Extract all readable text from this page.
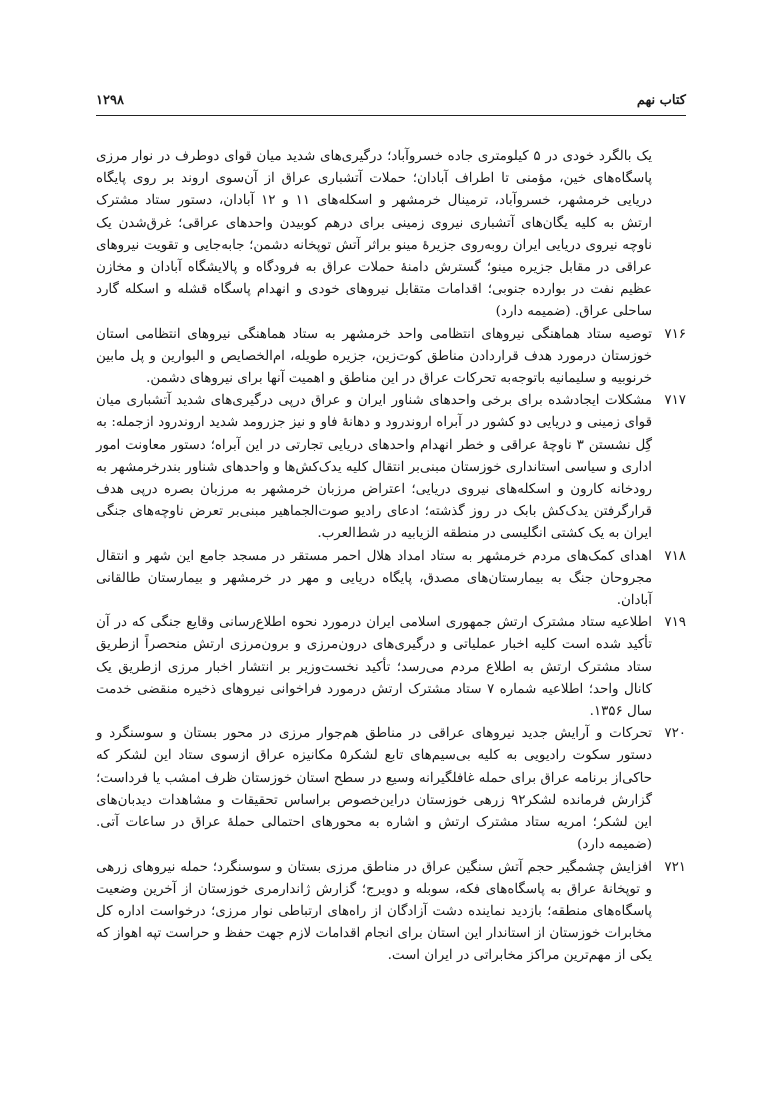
۱۲۹۸	کتاب نهم

یک بالگرد خودی در ۵ کیلومتری جاده خسروآباد؛ درگیری‌های شدید میان قوای دوطرف در نوار مرزی پاسگاه‌های خین، مؤمنی تا اطراف آبادان؛ حملات آتشباری عراق از آن‌سوی اروند بر روی پایگاه دریایی خرمشهر، خسروآباد، ترمینال خرمشهر و اسکله‌های ۱۱ و ۱۲ آبادان، دستور ستاد مشترک ارتش به کلیه یگان‌های آتشباری نیروی زمینی برای درهم کوبیدن واحدهای عراقی؛ غرق‌شدن یک ناوچه نیروی دریایی ایران روبه‌روی جزیرهٔ مینو براثر آتش توپخانه دشمن؛ جابه‌جایی و تقویت نیروهای عراقی در مقابل جزیره مینو؛ گسترش دامنهٔ حملات عراق به فرودگاه و پالایشگاه آبادان و مخازن عظیم نفت در بوارده جنوبی؛ اقدامات متقابل نیروهای خودی و انهدام پاسگاه قشله و اسکله گارد ساحلی عراق. (ضمیمه دارد)

۷۱۶
توصیه ستاد هماهنگی نیروهای انتظامی واحد خرمشهر به ستاد هماهنگی نیروهای انتظامی استان خوزستان درمورد هدف قراردادن مناطق کوت‌زین، جزیره طویله، ام‌الخصایص و البوارین و پل مابین خرنوبیه و سلیمانیه باتوجه‌به تحرکات عراق در این مناطق و اهمیت آنها برای نیروهای دشمن.
۷۱۷
مشکلات ایجادشده برای برخی واحدهای شناور ایران و عراق درپی درگیری‌های شدید آتشباری میان قوای زمینی و دریایی دو کشور در آبراه اروندرود و دهانهٔ فاو و نیز جزرومد شدید اروندرود ازجمله: به گِل نشستن ۳ ناوچهٔ عراقی و خطر انهدام واحدهای دریایی تجارتی در این آبراه؛ دستور معاونت امور اداری و سیاسی استانداری خوزستان مبنی‌بر انتقال کلیه یدک‌کش‌ها و واحدهای شناور بندرخرمشهر به رودخانه کارون و اسکله‌های نیروی دریایی؛ اعتراض مرزبان خرمشهر به مرزبان بصره درپی هدف قرارگرفتن یدک‌کش بابک در روز گذشته؛ ادعای رادیو صوت‌الجماهیر مبنی‌بر تعرض ناوچه‌های جنگی ایران به یک کشتی انگلیسی در منطقه الزیابیه در شط‌العرب.
۷۱۸
اهدای کمک‌های مردم خرمشهر به ستاد امداد هلال احمر مستقر در مسجد جامع این شهر و انتقال مجروحان جنگ به بیمارستان‌های مصدق، پایگاه دریایی و مهر در خرمشهر و بیمارستان طالقانی آبادان.
۷۱۹
اطلاعیه ستاد مشترک ارتش جمهوری اسلامی ایران درمورد نحوه اطلاع‌رسانی وقایع جنگی که در آن تأکید شده است کلیه اخبار عملیاتی و درگیری‌های درون‌مرزی و برون‌مرزی ارتش منحصراً ازطریق ستاد مشترک ارتش به اطلاع مردم می‌رسد؛ تأکید نخست‌وزیر بر انتشار اخبار مرزی ازطریق یک کانال واحد؛ اطلاعیه شماره ۷ ستاد مشترک ارتش درمورد فراخوانی نیروهای ذخیره منقضی خدمت سال ۱۳۵۶.
۷۲۰
تحرکات و آرایش جدید نیروهای عراقی در مناطق هم‌جوار مرزی در محور بستان و سوسنگرد و دستور سکوت رادیویی به کلیه بی‌سیم‌های تابع لشکر۵ مکانیزه عراق ازسوی ستاد این لشکر که حاکی‌از برنامه عراق برای حمله غافلگیرانه وسیع در سطح استان خوزستان ظرف امشب یا فرداست؛ گزارش فرمانده لشکر۹۲ زرهی خوزستان دراین‌خصوص براساس تحقیقات و مشاهدات دیدبان‌های این لشکر؛ امریه ستاد مشترک ارتش و اشاره به محورهای احتمالی حملهٔ عراق در ساعات آتی. (ضمیمه دارد)
۷۲۱
افزایش چشمگیر حجم آتش سنگین عراق در مناطق مرزی بستان و سوسنگرد؛ حمله نیروهای زرهی و توپخانهٔ عراق به پاسگاه‌های فکه، سوبله و دویرج؛ گزارش ژاندارمری خوزستان از آخرین وضعیت پاسگاه‌های منطقه؛ بازدید نماینده دشت آزادگان از راه‌های ارتباطی نوار مرزی؛ درخواست اداره کل مخابرات خوزستان از استاندار این استان برای انجام اقدامات لازم جهت حفظ و حراست تپه اهواز که یکی از مهم‌ترین مراکز مخابراتی در ایران است.
